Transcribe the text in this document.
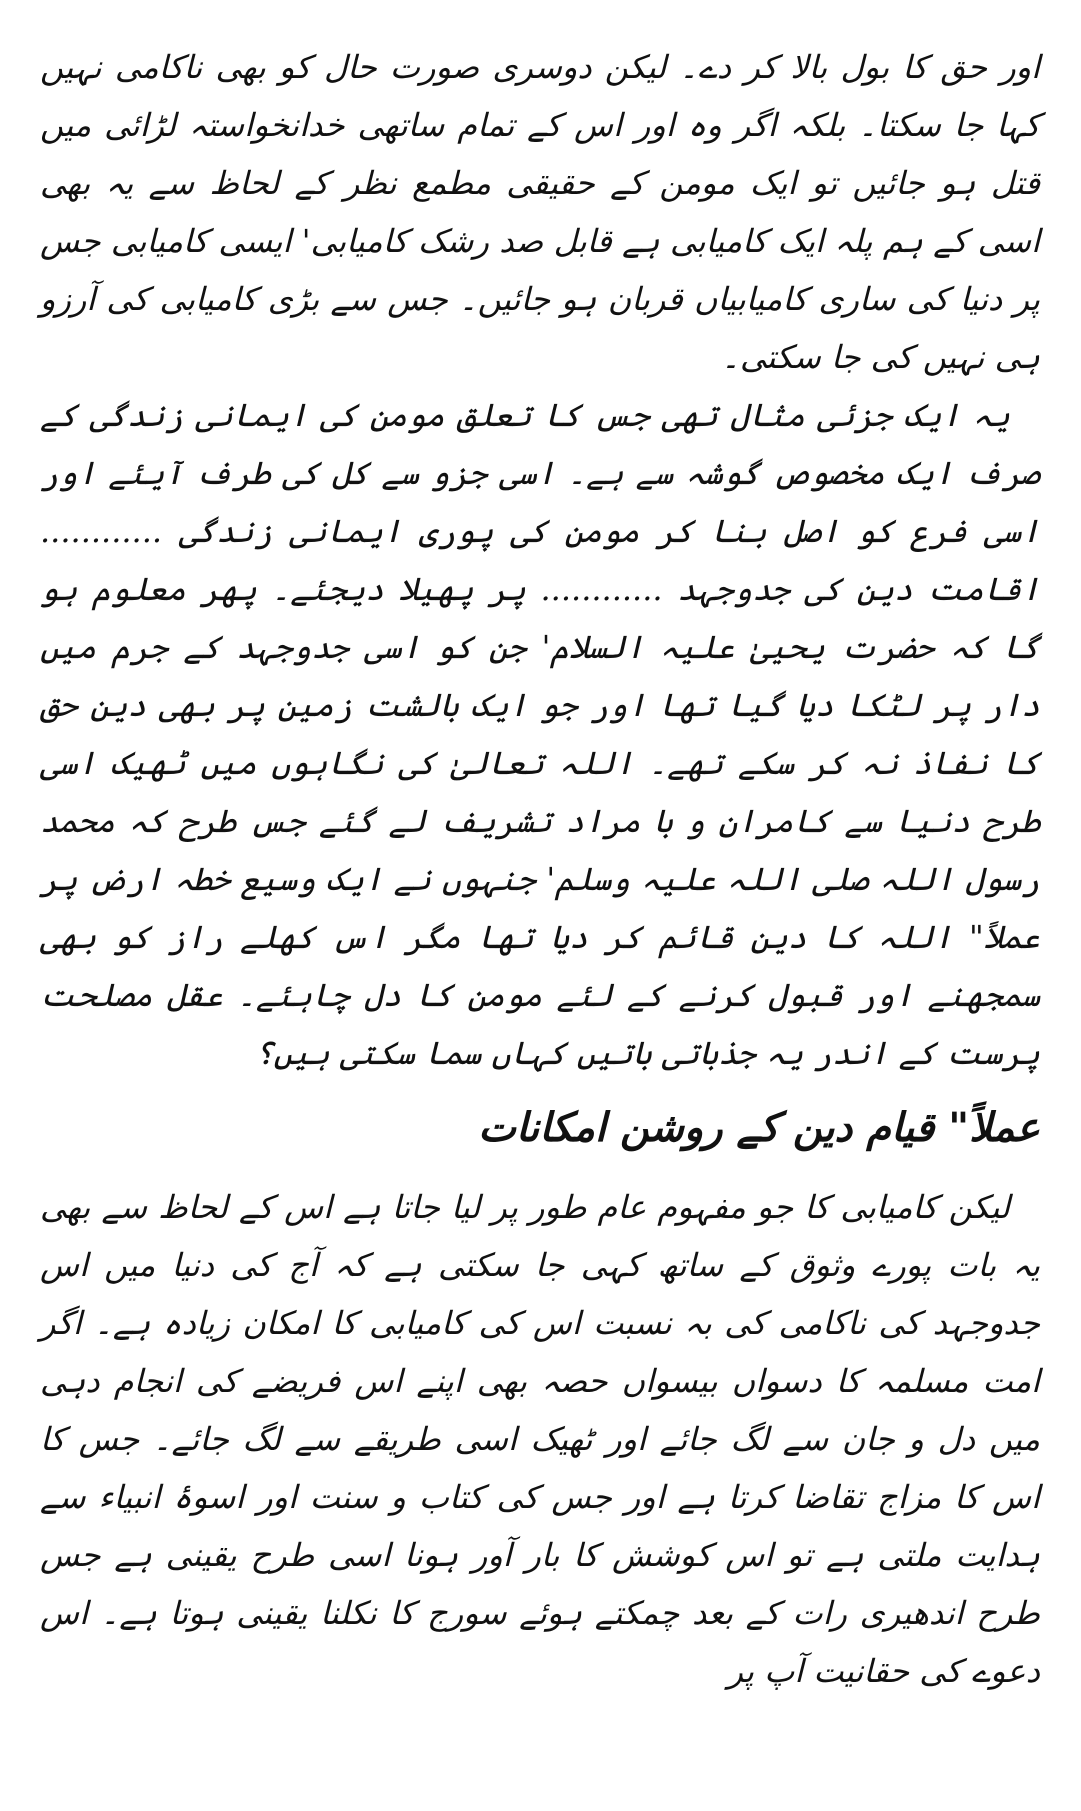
اور حق کا بول بالا کر دے۔ لیکن دوسری صورت حال کو بھی ناکامی نہیں کہا جا سکتا۔ بلکہ اگر وہ اور اس کے تمام ساتھی خدانخواستہ لڑائی میں قتل ہو جائیں تو ایک مومن کے حقیقی مطمع نظر کے لحاظ سے یہ بھی اسی کے ہم پلہ ایک کامیابی ہے قابل صد رشک کامیابی' ایسی کامیابی جس پر دنیا کی ساری کامیابیاں قربان ہو جائیں۔ جس سے بڑی کامیابی کی آرزو ہی نہیں کی جا سکتی۔

یہ ایک جزئی مثال تھی جس کا تعلق مومن کی ایمانی زندگی کے صرف ایک مخصوص گوشہ سے ہے۔ اسی جزو سے کل کی طرف آیئے اور اسی فرع کو اصل بنا کر مومن کی پوری ایمانی زندگی ............ اقامت دین کی جدوجہد ............ پر پھیلا دیجئے۔ پھر معلوم ہو گا کہ حضرت یحییٰ علیہ السلام' جن کو اسی جدوجہد کے جرم میں دار پر لٹکا دیا گیا تھا اور جو ایک بالشت زمین پر بھی دین حق کا نفاذ نہ کر سکے تھے۔ اللہ تعالیٰ کی نگاہوں میں ٹھیک اسی طرح دنیا سے کامران و با مراد تشریف لے گئے جس طرح کہ محمد رسول اللہ صلی اللہ علیہ وسلم' جنہوں نے ایک وسیع خطہ ارض پر عملاً" اللہ کا دین قائم کر دیا تھا مگر اس کھلے راز کو بھی سمجھنے اور قبول کرنے کے لئے مومن کا دل چاہئے۔ عقل مصلحت پرست کے اندر یہ جذباتی باتیں کہاں سما سکتی ہیں؟

عملاً" قیام دین کے روشن امکانات

لیکن کامیابی کا جو مفہوم عام طور پر لیا جاتا ہے اس کے لحاظ سے بھی یہ بات پورے وثوق کے ساتھ کہی جا سکتی ہے کہ آج کی دنیا میں اس جدوجہد کی ناکامی کی بہ نسبت اس کی کامیابی کا امکان زیادہ ہے۔ اگر امت مسلمہ کا دسواں بیسواں حصہ بھی اپنے اس فریضے کی انجام دہی میں دل و جان سے لگ جائے اور ٹھیک اسی طریقے سے لگ جائے۔ جس کا اس کا مزاج تقاضا کرتا ہے اور جس کی کتاب و سنت اور اسوۂ انبیاء سے ہدایت ملتی ہے تو اس کوشش کا بار آور ہونا اسی طرح یقینی ہے جس طرح اندھیری رات کے بعد چمکتے ہوئے سورج کا نکلنا یقینی ہوتا ہے۔ اس دعوے کی حقانیت آپ پر
